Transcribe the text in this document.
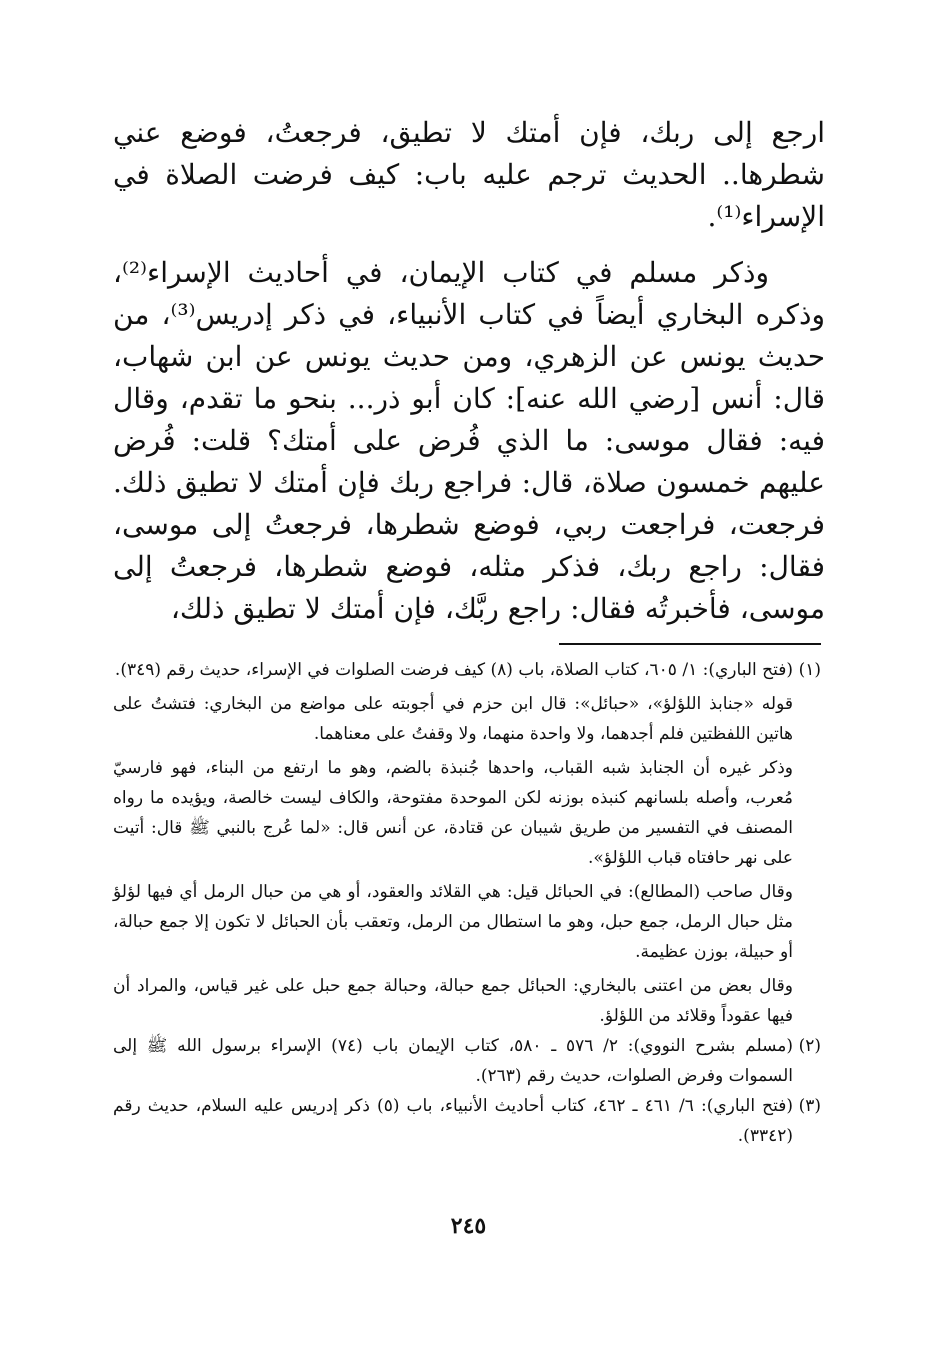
ارجع إلى ربك، فإن أمتك لا تطيق، فرجعتُ، فوضع عني شطرها.. الحديث ترجم عليه باب: كيف فرضت الصلاة في الإسراء⁽¹⁾.

وذكر مسلم في كتاب الإيمان، في أحاديث الإسراء⁽²⁾، وذكره البخاري أيضاً في كتاب الأنبياء، في ذكر إدريس⁽³⁾، من حديث يونس عن الزهري، ومن حديث يونس عن ابن شهاب، قال: أنس [رضي الله عنه]: كان أبو ذر... بنحو ما تقدم، وقال فيه: فقال موسى: ما الذي فُرض على أمتك؟ قلت: فُرض عليهم خمسون صلاة، قال: فراجع ربك فإن أمتك لا تطيق ذلك. فرجعت، فراجعت ربي، فوضع شطرها، فرجعتُ إلى موسى، فقال: راجع ربك، فذكر مثله، فوضع شطرها، فرجعتُ إلى موسى، فأخبرتُه فقال: راجع ربَّك، فإن أمتك لا تطيق ذلك،

(١)
(فتح الباري): ١/ ٦٠٥، كتاب الصلاة، باب (٨) كيف فرضت الصلوات في الإسراء، حديث رقم (٣٤٩).

قوله «جنابذ اللؤلؤ»، «حبائل»: قال ابن حزم في أجوبته على مواضع من البخاري: فتشتُ على هاتين اللفظتين فلم أجدهما، ولا واحدة منهما، ولا وقفتُ على معناهما.

وذكر غيره أن الجنابذ شبه القباب، واحدها جُنبذة بالضم، وهو ما ارتفع من البناء، فهو فارسيّ مُعرب، وأصله بلسانهم كنبذه بوزنه لكن الموحدة مفتوحة، والكاف ليست خالصة، ويؤيده ما رواه المصنف في التفسير من طريق شيبان عن قتادة، عن أنس قال: «لما عُرج بالنبي ﷺ قال: أتيت على نهر حافتاه قباب اللؤلؤ».

وقال صاحب (المطالع): في الحبائل قيل: هي القلائد والعقود، أو هي من حبال الرمل أي فيها لؤلؤ مثل حبال الرمل، جمع حبل، وهو ما استطال من الرمل، وتعقب بأن الحبائل لا تكون إلا جمع حبالة، أو حبيلة، بوزن عظيمة.

وقال بعض من اعتنى بالبخاري: الحبائل جمع حبالة، وحبالة جمع حبل على غير قياس، والمراد أن فيها عقوداً وقلائد من اللؤلؤ.

(٢)
(مسلم بشرح النووي): ٢/ ٥٧٦ ـ ٥٨٠، كتاب الإيمان باب (٧٤) الإسراء برسول الله ﷺ إلى السموات وفرض الصلوات، حديث رقم (٢٦٣).

(٣)
(فتح الباري): ٦/ ٤٦١ ـ ٤٦٢، كتاب أحاديث الأنبياء، باب (٥) ذكر إدريس عليه السلام، حديث رقم (٣٣٤٢).

٢٤٥
